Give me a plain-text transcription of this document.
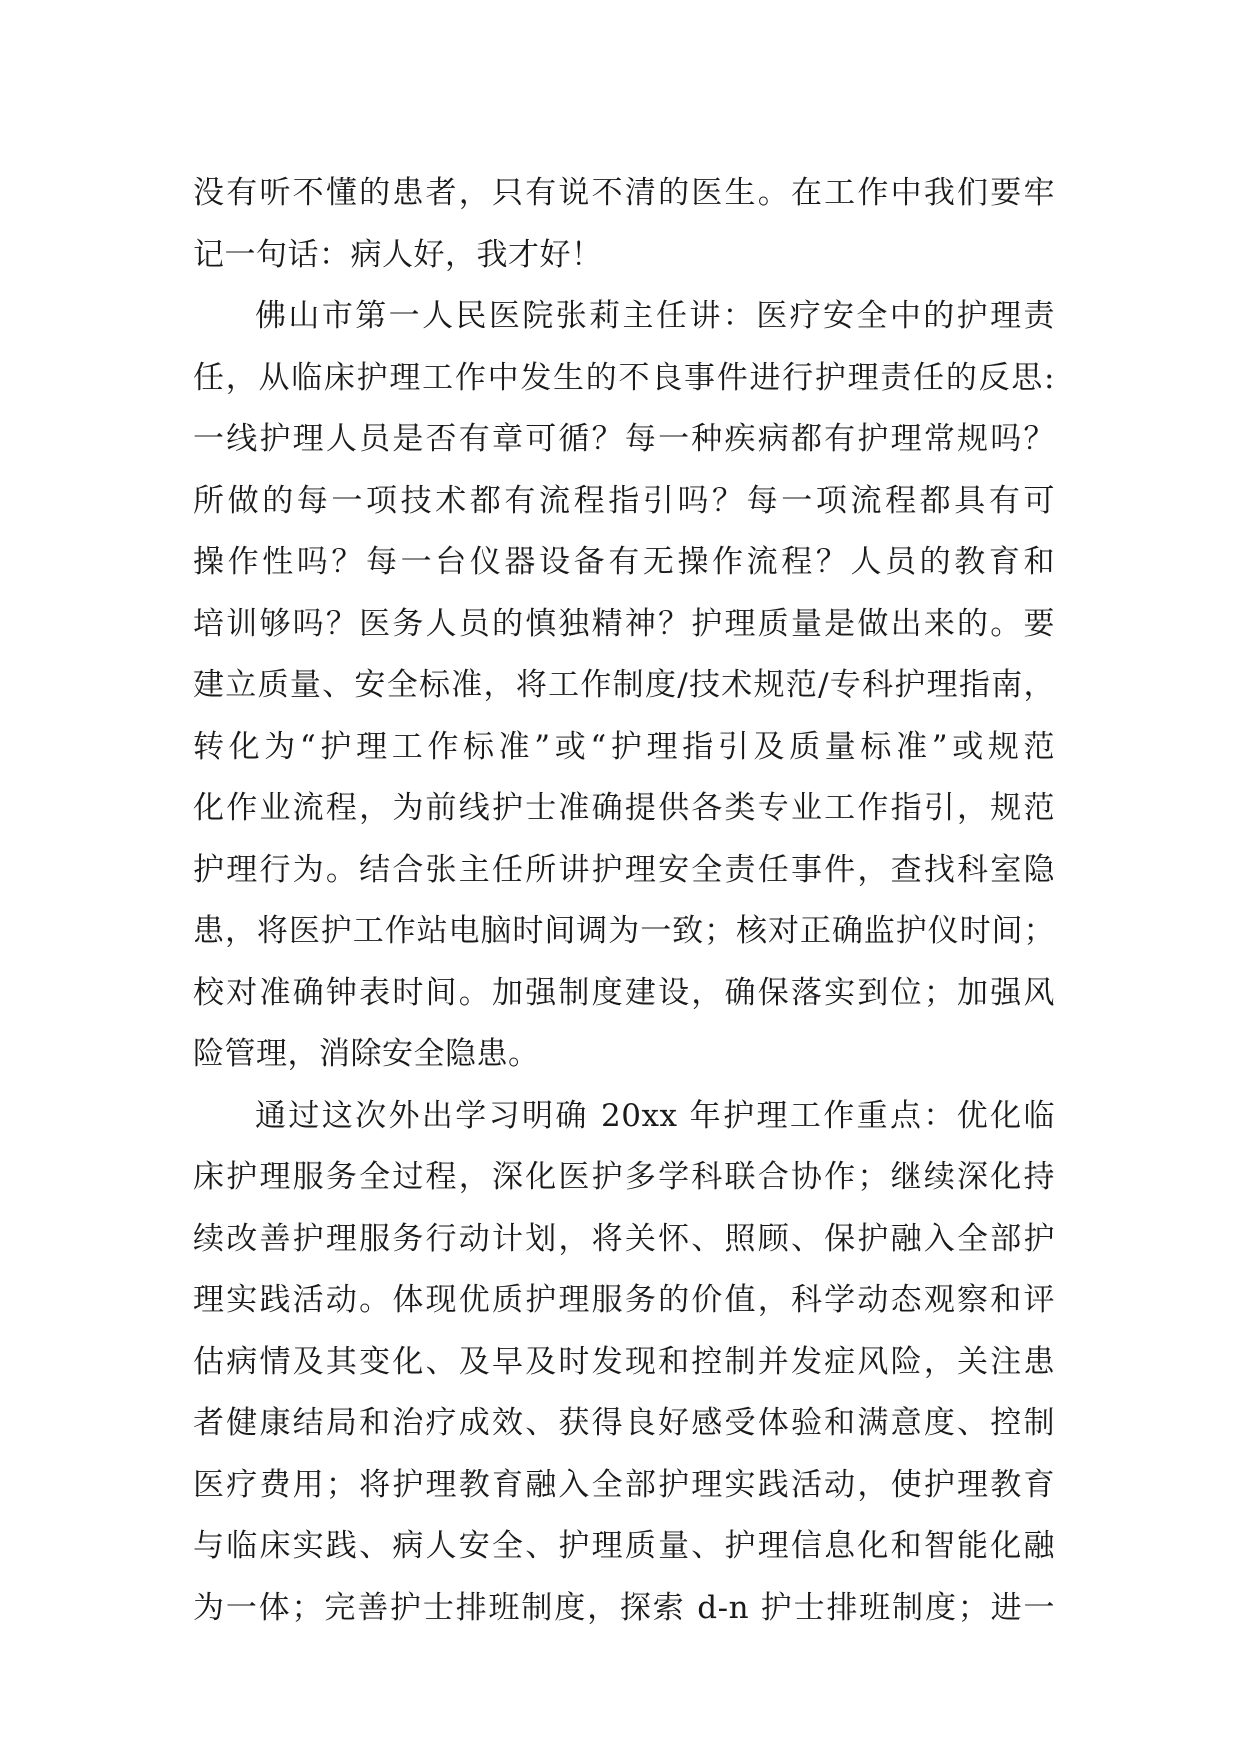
没有听不懂的患者，只有说不清的医生。在工作中我们要牢
记一句话：病人好，我才好！
佛山市第一人民医院张莉主任讲：医疗安全中的护理责
任，从临床护理工作中发生的不良事件进行护理责任的反思:
一线护理人员是否有章可循？每一种疾病都有护理常规吗？
所做的每一项技术都有流程指引吗？每一项流程都具有可
操作性吗？每一台仪器设备有无操作流程？人员的教育和
培训够吗？医务人员的慎独精神？护理质量是做出来的。要
建立质量、安全标准，将工作制度/技术规范/专科护理指南，
转化为“护理工作标准”或“护理指引及质量标准”或规范
化作业流程，为前线护士准确提供各类专业工作指引，规范
护理行为。结合张主任所讲护理安全责任事件，查找科室隐
患，将医护工作站电脑时间调为一致；核对正确监护仪时间；
校对准确钟表时间。加强制度建设，确保落实到位；加强风
险管理，消除安全隐患。
通过这次外出学习明确 20xx 年护理工作重点：优化临
床护理服务全过程，深化医护多学科联合协作；继续深化持
续改善护理服务行动计划，将关怀、照顾、保护融入全部护
理实践活动。体现优质护理服务的价值，科学动态观察和评
估病情及其变化、及早及时发现和控制并发症风险，关注患
者健康结局和治疗成效、获得良好感受体验和满意度、控制
医疗费用；将护理教育融入全部护理实践活动，使护理教育
与临床实践、病人安全、护理质量、护理信息化和智能化融
为一体；完善护士排班制度，探索 d-n 护士排班制度；进一
